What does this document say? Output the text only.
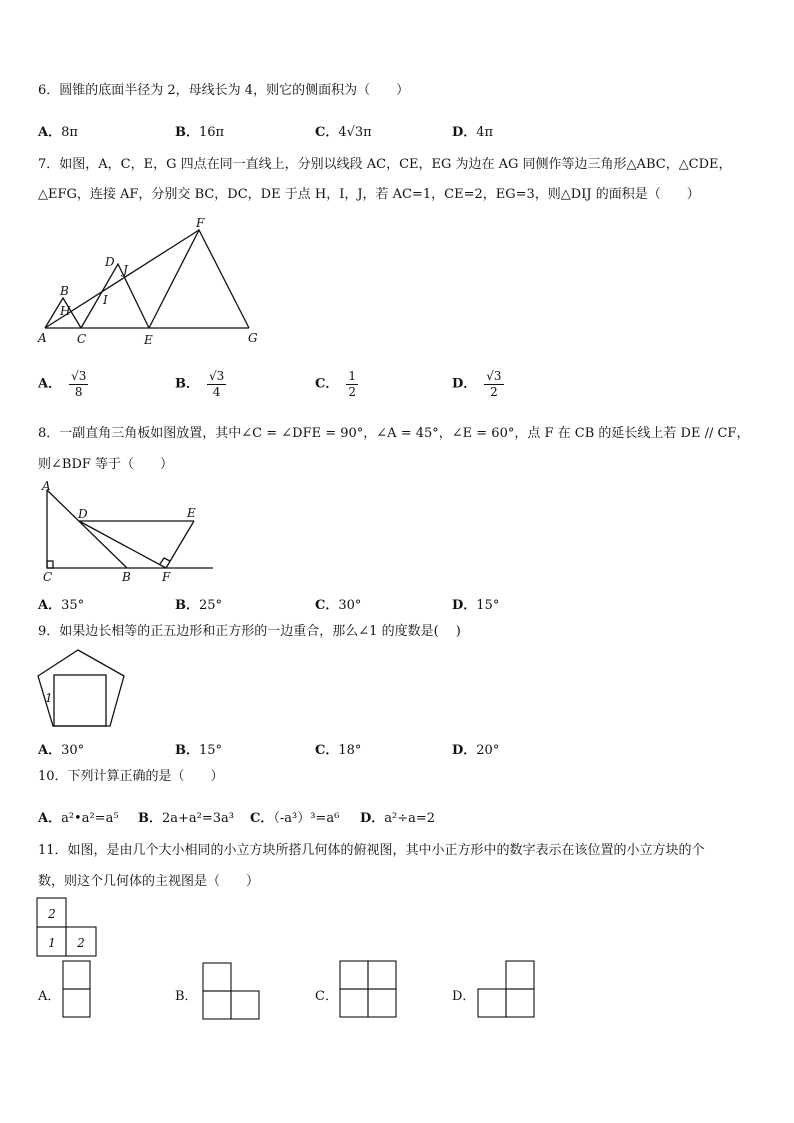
6．圆锥的底面半径为 2，母线长为 4，则它的侧面积为（　　）
A．8π	B．16π	C．4√3π	D．4π
7．如图，A，C，E，G 四点在同一直线上，分别以线段 AC，CE，EG 为边在 AG 同侧作等边三角形△ABC，△CDE，△EFG，连接 AF，分别交 BC，DC，DE 于点 H，I，J，若 AC=1，CE=2，EG=3，则△DIJ 的面积是（　　）
A
B
C
D
E
F
G
H
I
J
A． $\frac{√3}{8}$	B． $\frac{√3}{4}$	C． $\frac{1}{2}$	D． $\frac{√3}{2}$
8．一副直角三角板如图放置，其中∠C = ∠DFE = 90°，∠A = 45°，∠E = 60°，点 F 在 CB 的延长线上若 DE // CF，
则∠BDF 等于（　　）
A
D	E
C	B	F
A．35°	B．25°	C．30°	D．15°
9．如果边长相等的正五边形和正方形的一边重合，那么∠1 的度数是(　 )
1
A．30°	B．15°	C．18°	D．20°
10．下列计算正确的是（　　）
A．a²•a²=a⁵ B．2a+a²=3a³ C．（-a³）³=a⁶ D．a²÷a=2
11．如图，是由几个大小相同的小立方块所搭几何体的俯视图，其中小正方形中的数字表示在该位置的小立方块的个
数，则这个几何体的主视图是（　　）
2
1 2
A．	B．	C．	D．
